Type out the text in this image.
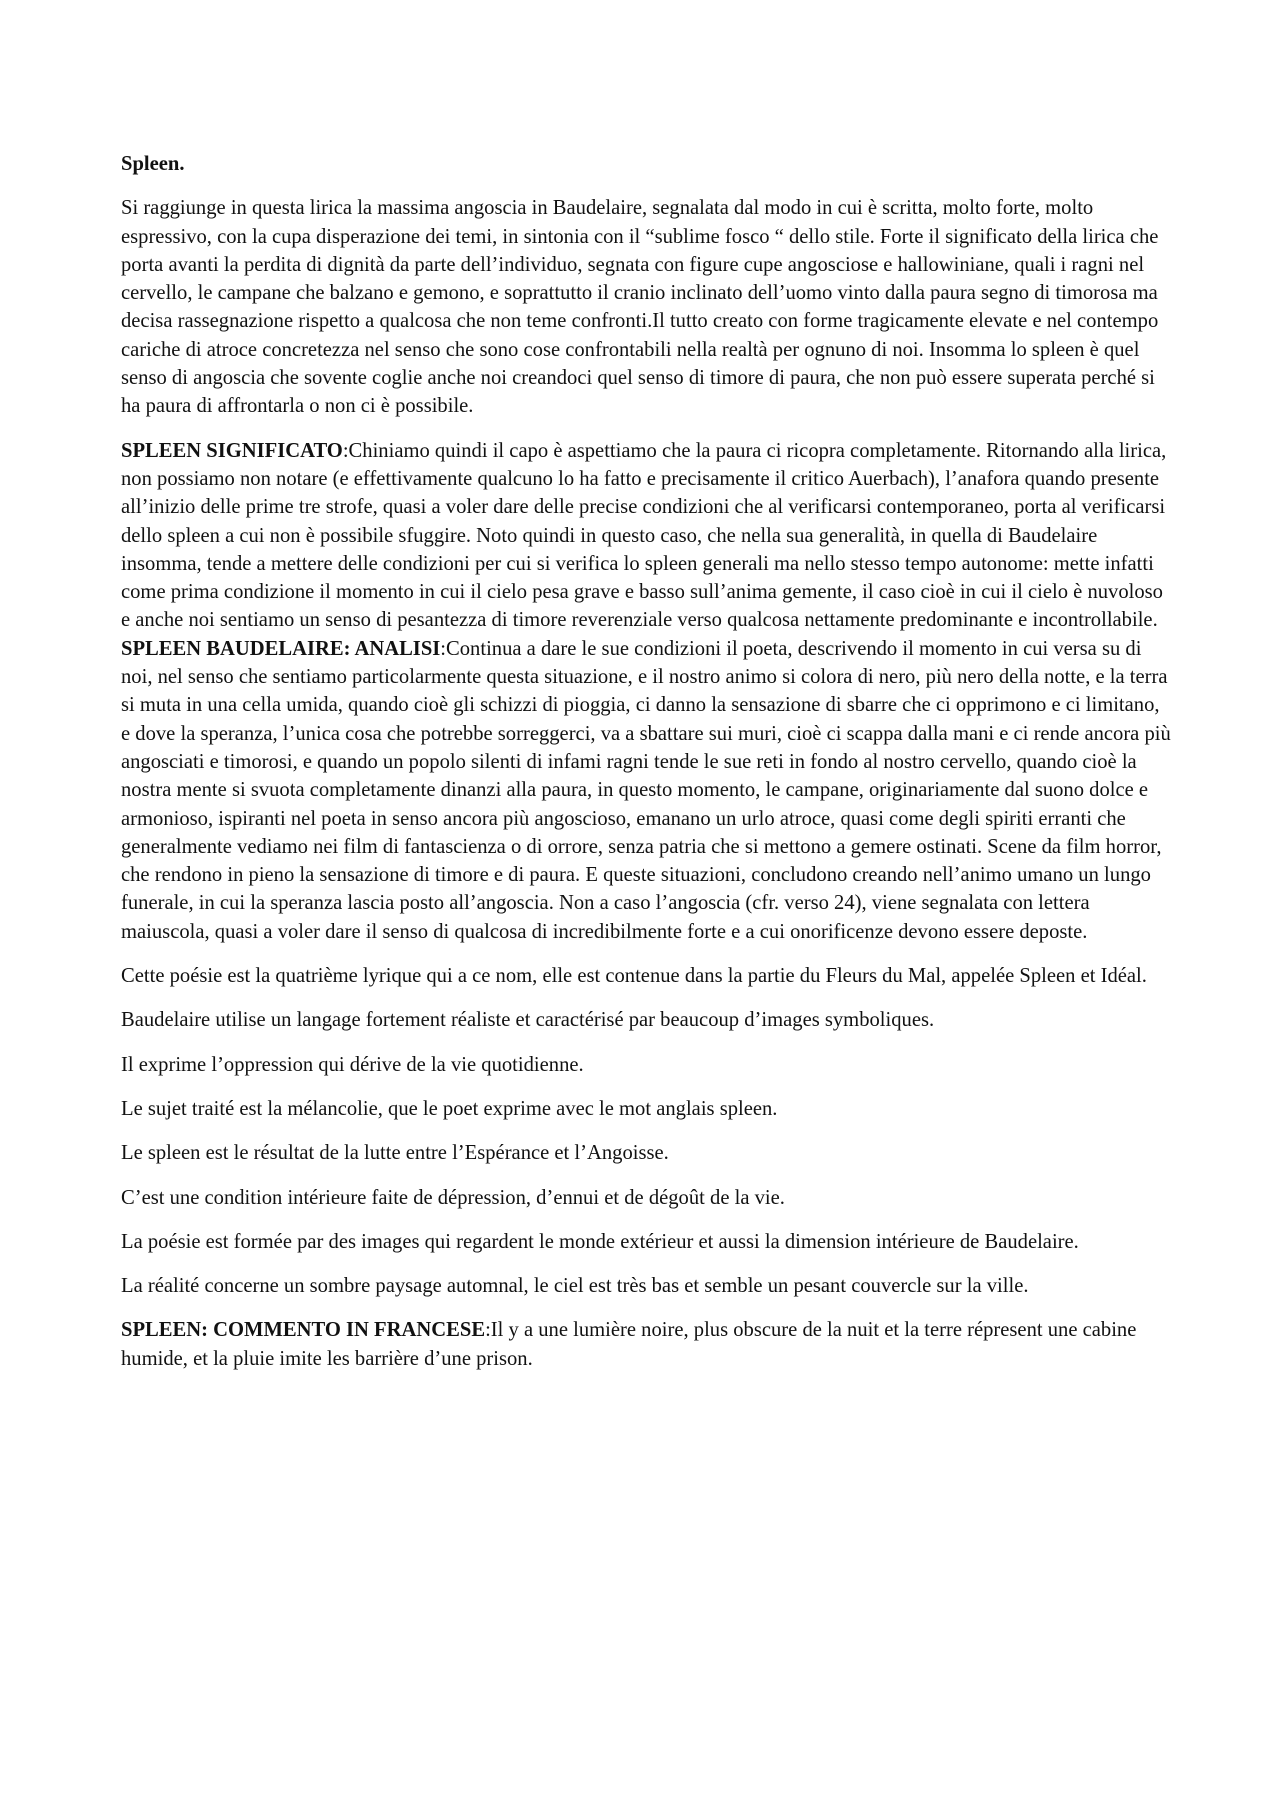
Spleen.

Si raggiunge in questa lirica la massima angoscia in Baudelaire, segnalata dal modo in cui è scritta, molto forte, molto espressivo, con la cupa disperazione dei temi, in sintonia con il “sublime fosco “ dello stile. Forte il significato della lirica che porta avanti la perdita di dignità da parte dell’individuo, segnata con figure cupe angosciose e hallowiniane, quali i ragni nel cervello, le campane che balzano e gemono, e soprattutto il cranio inclinato dell’uomo vinto dalla paura segno di timorosa ma decisa rassegnazione rispetto a qualcosa che non teme confronti.Il tutto creato con forme tragicamente elevate e nel contempo cariche di atroce concretezza nel senso che sono cose confrontabili nella realtà per ognuno di noi. Insomma lo spleen è quel senso di angoscia che sovente coglie anche noi creandoci quel senso di timore di paura, che non può essere superata perché si ha paura di affrontarla o non ci è possibile.

SPLEEN SIGNIFICATO:Chiniamo quindi il capo è aspettiamo che la paura ci ricopra completamente. Ritornando alla lirica, non possiamo non notare (e effettivamente qualcuno lo ha fatto e precisamente il critico Auerbach), l’anafora quando presente all’inizio delle prime tre strofe, quasi a voler dare delle precise condizioni che al verificarsi contemporaneo, porta al verificarsi dello spleen a cui non è possibile sfuggire. Noto quindi in questo caso, che nella sua generalità, in quella di Baudelaire insomma, tende a mettere delle condizioni per cui si verifica lo spleen generali ma nello stesso tempo autonome: mette infatti come prima condizione il momento in cui il cielo pesa grave e basso sull’anima gemente, il caso cioè in cui il cielo è nuvoloso e anche noi sentiamo un senso di pesantezza di timore reverenziale verso qualcosa nettamente predominante e incontrollabile. SPLEEN BAUDELAIRE: ANALISI:Continua a dare le sue condizioni il poeta, descrivendo il momento in cui versa su di noi, nel senso che sentiamo particolarmente questa situazione, e il nostro animo si colora di nero, più nero della notte, e la terra si muta in una cella umida, quando cioè gli schizzi di pioggia, ci danno la sensazione di sbarre che ci opprimono e ci limitano, e dove la speranza, l’unica cosa che potrebbe sorreggerci, va a sbattare sui muri, cioè ci scappa dalla mani e ci rende ancora più angosciati e timorosi, e quando un popolo silenti di infami ragni tende le sue reti in fondo al nostro cervello, quando cioè la nostra mente si svuota completamente dinanzi alla paura, in questo momento, le campane, originariamente dal suono dolce e armonioso, ispiranti nel poeta in senso ancora più angoscioso, emanano un urlo atroce, quasi come degli spiriti erranti che generalmente vediamo nei film di fantascienza o di orrore, senza patria che si mettono a gemere ostinati. Scene da film horror, che rendono in pieno la sensazione di timore e di paura. E queste situazioni, concludono creando nell’animo umano un lungo funerale, in cui la speranza lascia posto all’angoscia. Non a caso l’angoscia (cfr. verso 24), viene segnalata con lettera maiuscola, quasi a voler dare il senso di qualcosa di incredibilmente forte e a cui onorificenze devono essere deposte.

Cette poésie est la quatrième lyrique qui a ce nom, elle est contenue dans la partie du Fleurs du Mal, appelée Spleen et Idéal.

Baudelaire utilise un langage fortement réaliste et caractérisé par beaucoup d’images symboliques.

Il exprime l’oppression qui dérive de la vie quotidienne.

Le sujet traité est la mélancolie, que le poet exprime avec le mot anglais spleen.

Le spleen est le résultat de la lutte entre l’Espérance et l’Angoisse.

C’est une condition intérieure faite de dépression, d’ennui et de dégoût de la vie.

La poésie est formée par des images qui regardent le monde extérieur et aussi la dimension intérieure de Baudelaire.

La réalité concerne un sombre paysage automnal, le ciel est très bas et semble un pesant couvercle sur la ville.

SPLEEN: COMMENTO IN FRANCESE:Il y a une lumière noire, plus obscure de la nuit et la terre répresent une cabine humide, et la pluie imite les barrière d’une prison.
